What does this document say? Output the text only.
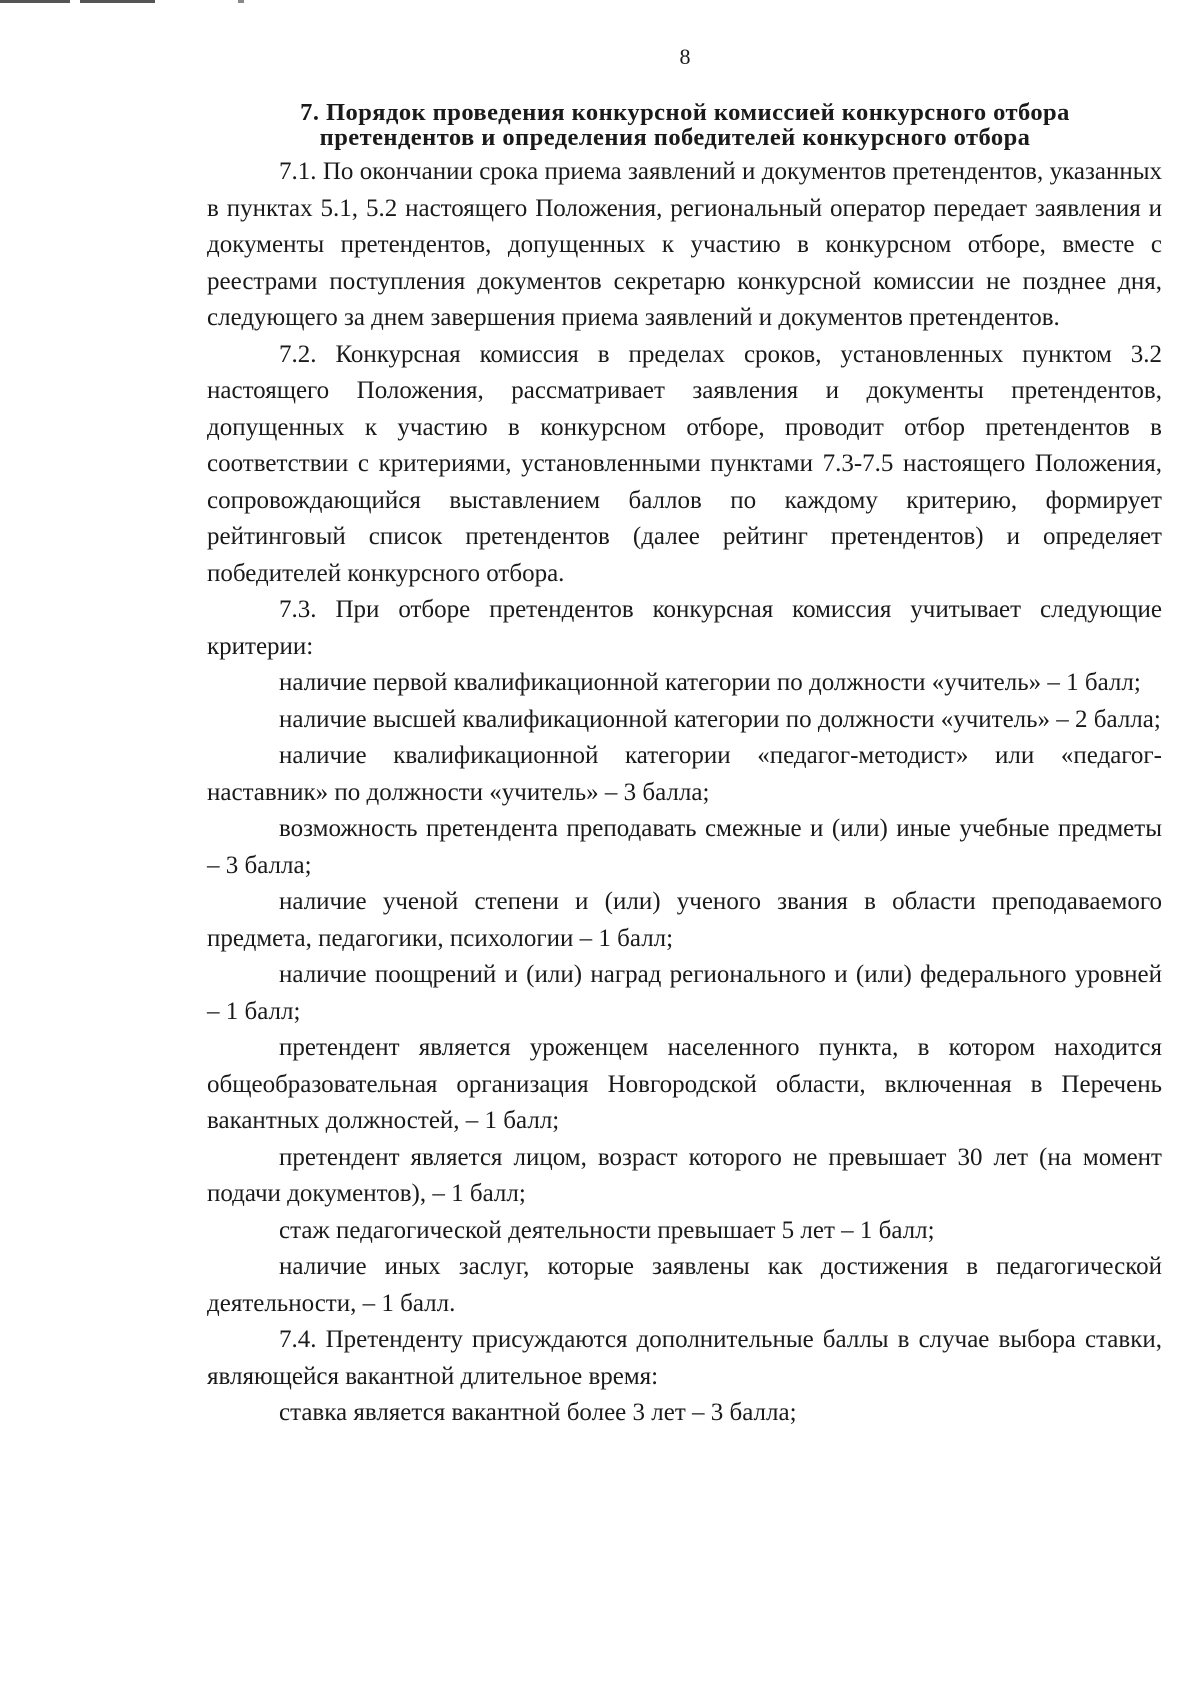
8
7. Порядок проведения конкурсной комиссией конкурсного отбора
претендентов и определения победителей конкурсного отбора

7.1. По окончании срока приема заявлений и документов претендентов, указанных в пунктах 5.1, 5.2 настоящего Положения, региональный оператор передает заявления и документы претендентов, допущенных к участию в конкурсном отборе, вместе с реестрами поступления документов секретарю конкурсной комиссии не позднее дня, следующего за днем завершения приема заявлений и документов претендентов.

7.2. Конкурсная комиссия в пределах сроков, установленных пунктом 3.2 настоящего Положения, рассматривает заявления и документы претендентов, допущенных к участию в конкурсном отборе, проводит отбор претендентов в соответствии с критериями, установленными пунктами 7.3-7.5 настоящего Положения, сопровождающийся выставлением баллов по каждому критерию, формирует рейтинговый список претендентов (далее рейтинг претендентов) и определяет победителей конкурсного отбора.

7.3. При отборе претендентов конкурсная комиссия учитывает следующие критерии:

наличие первой квалификационной категории по должности «учитель» – 1 балл;

наличие высшей квалификационной категории по должности «учитель» – 2 балла;

наличие квалификационной категории «педагог-методист» или «педагог-наставник» по должности «учитель» – 3 балла;

возможность претендента преподавать смежные и (или) иные учебные предметы – 3 балла;

наличие ученой степени и (или) ученого звания в области преподаваемого предмета, педагогики, психологии – 1 балл;

наличие поощрений и (или) наград регионального и (или) федерального уровней – 1 балл;

претендент является уроженцем населенного пункта, в котором находится общеобразовательная организация Новгородской области, включенная в Перечень вакантных должностей, – 1 балл;

претендент является лицом, возраст которого не превышает 30 лет (на момент подачи документов), – 1 балл;

стаж педагогической деятельности превышает 5 лет – 1 балл;

наличие иных заслуг, которые заявлены как достижения в педагогической деятельности, – 1 балл.

7.4. Претенденту присуждаются дополнительные баллы в случае выбора ставки, являющейся вакантной длительное время:

ставка является вакантной более 3 лет – 3 балла;
